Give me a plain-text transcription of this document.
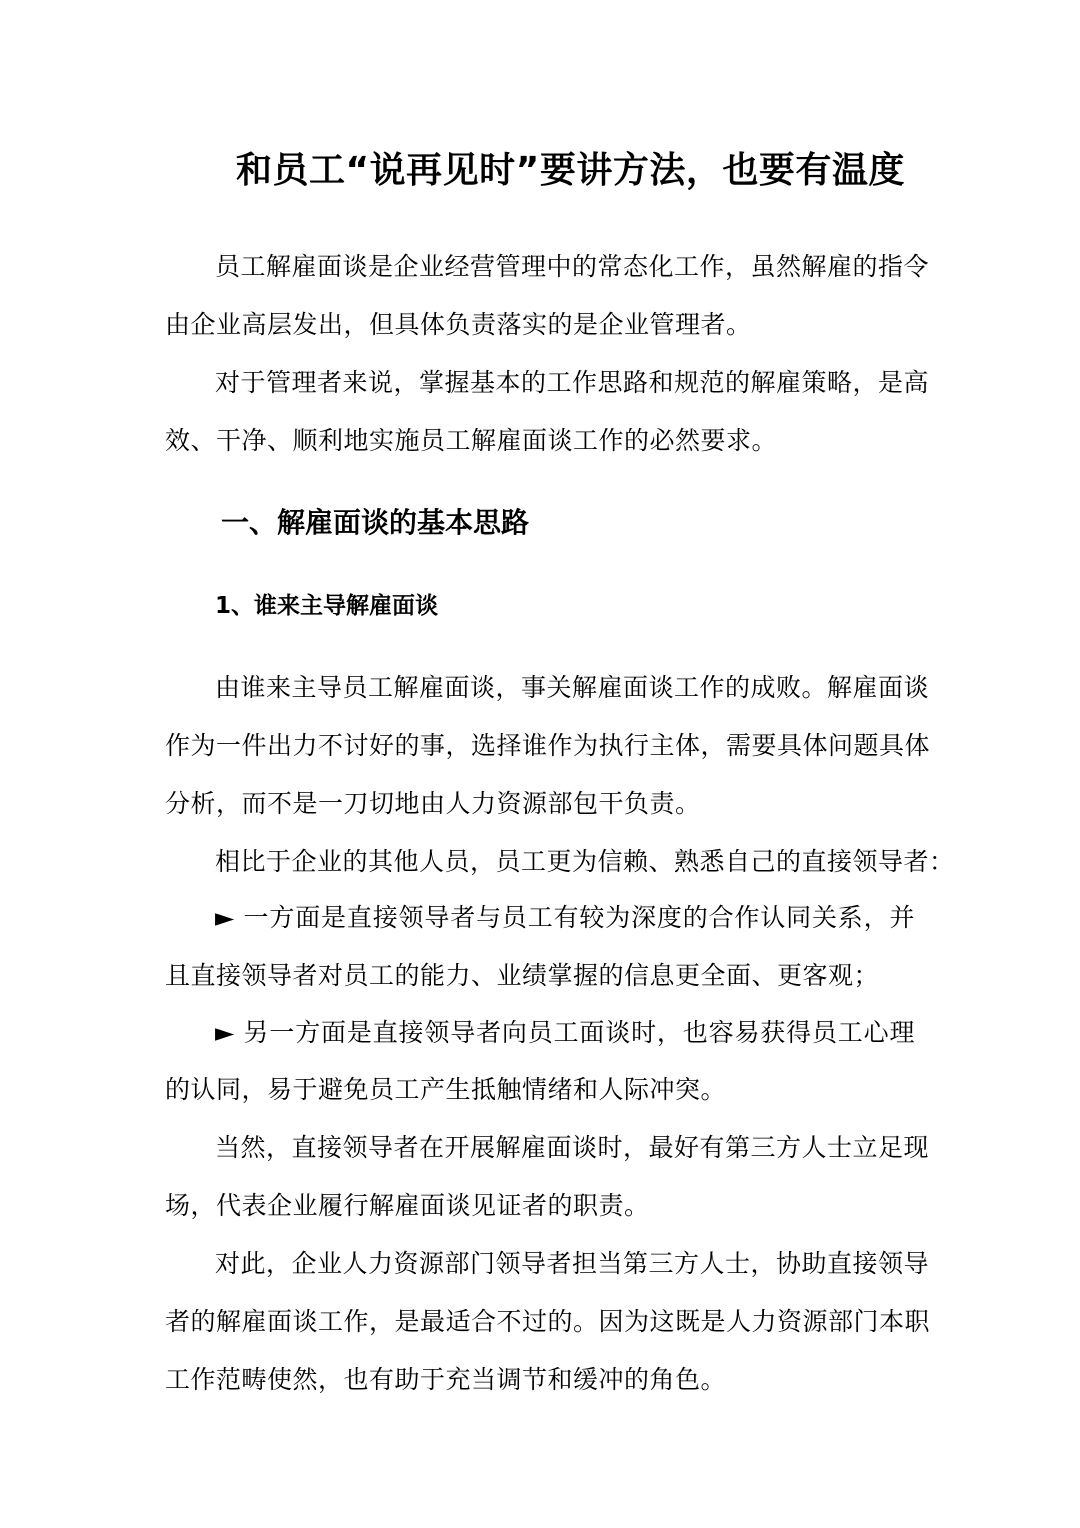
和员工“说再见时”要讲方法，也要有温度
员工解雇面谈是企业经营管理中的常态化工作，虽然解雇的指令
由企业高层发出，但具体负责落实的是企业管理者。
对于管理者来说，掌握基本的工作思路和规范的解雇策略，是高
效、干净、顺利地实施员工解雇面谈工作的必然要求。
一、解雇面谈的基本思路
1、谁来主导解雇面谈
由谁来主导员工解雇面谈，事关解雇面谈工作的成败。解雇面谈
作为一件出力不讨好的事，选择谁作为执行主体，需要具体问题具体
分析，而不是一刀切地由人力资源部包干负责。
相比于企业的其他人员，员工更为信赖、熟悉自己的直接领导者：
► 一方面是直接领导者与员工有较为深度的合作认同关系，并
且直接领导者对员工的能力、业绩掌握的信息更全面、更客观；
► 另一方面是直接领导者向员工面谈时，也容易获得员工心理
的认同，易于避免员工产生抵触情绪和人际冲突。
当然，直接领导者在开展解雇面谈时，最好有第三方人士立足现
场，代表企业履行解雇面谈见证者的职责。
对此，企业人力资源部门领导者担当第三方人士，协助直接领导
者的解雇面谈工作，是最适合不过的。因为这既是人力资源部门本职
工作范畴使然，也有助于充当调节和缓冲的角色。
